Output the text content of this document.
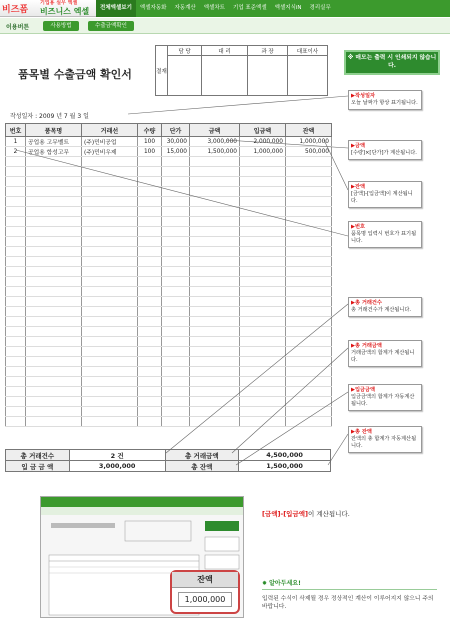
비즈폼
기업용 실무 엑셀
비즈니스 엑셀	전체엑셀보기	엑셀자동화	자동계산	엑셀차트	기업 표준엑셀	엑셀지식iN	경리실무
이용버튼	사용방법	수출금액확인
결재	담 당	대 리	과 장	대표이사

품목별 수출금액 확인서
※ 매모는 출력 시 인쇄되지 않습니다.
작성일자 : 2009 년 7 월 3 일
번호	품목명	거래선	수량	단가	금액	입금액	잔액
1	공업용 고무벨트	(주)민비공업	100	30,000	3,000,000	2,000,000	1,000,000
2	공업용 합성고무	(주)민비우제	100	15,000	1,500,000	1,000,000	500,000

총 거래건수	2 건	총 거래금액	4,500,000
입 금 금 액	3,000,000	총 잔액	1,500,000
▶ 작성일자
오늘 날짜가 항상 표기됩니다.
▶ 금액
[수량]×[단가]가 계산됩니다.
▶ 잔액
[금액]-[입금액]이 계산됩니다.
▶ 번호
품목명 입력시 번호가 표기됩니다.
▶ 총 거래건수
총 거래건수가 계산됩니다.
▶ 총 거래금액
거래금액의 합계가 계산됩니다.
▶ 입금금액
입금금액의 합계가 자동계산됩니다.
▶ 총 잔액
잔액의 총 합계가 자동계산됩니다.
잔액
1,000,000
[금액]-[입금액]이 계산됩니다.
✸ 알아두세요!
입력된 수식이 삭제될 경우 정상적인 계산이 이루어지지 않으니 주의 바랍니다.
